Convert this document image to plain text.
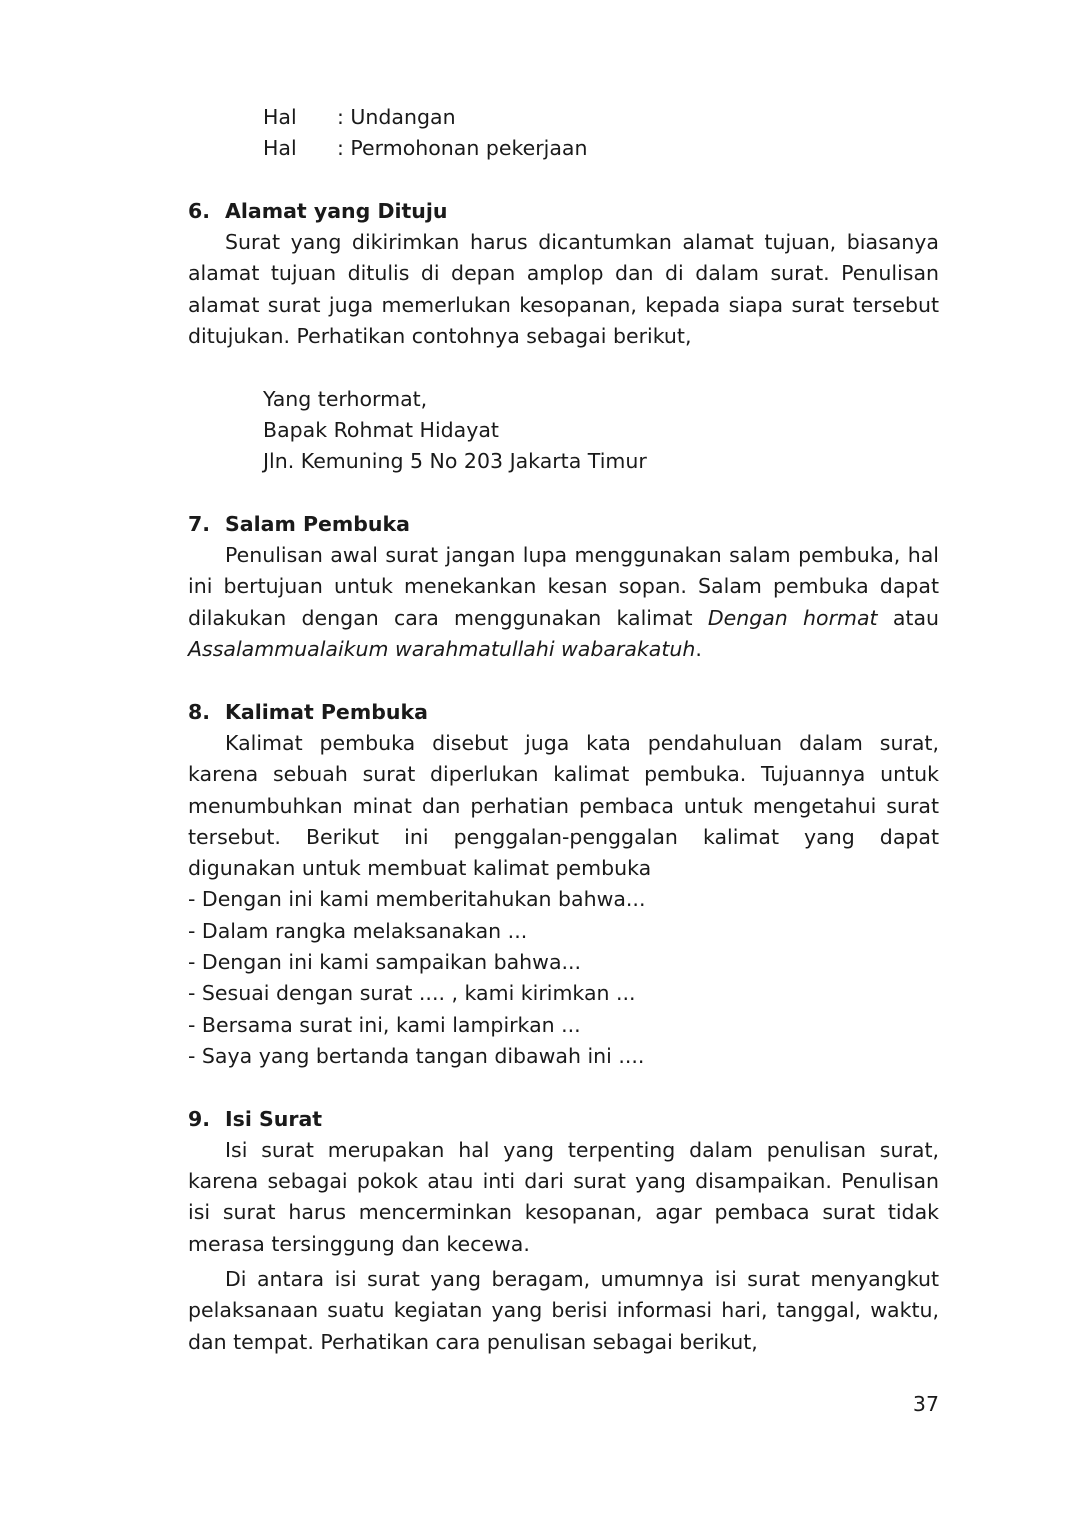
Hal	: Undangan
Hal	: Permohonan pekerjaan
6. Alamat yang Dituju

Surat yang dikirimkan harus dicantumkan alamat tujuan, biasanya alamat tujuan ditulis di depan amplop dan di dalam surat. Penulisan alamat surat juga memerlukan kesopanan, kepada siapa surat tersebut ditujukan. Perhatikan contohnya sebagai berikut,

Yang terhormat,
Bapak Rohmat Hidayat
Jln. Kemuning 5 No 203 Jakarta Timur
7. Salam Pembuka

Penulisan awal surat jangan lupa menggunakan salam pembuka, hal ini bertujuan untuk menekankan kesan sopan. Salam pembuka dapat dilakukan dengan cara menggunakan kalimat Dengan hormat atau Assalammualaikum warahmatullahi wabarakatuh.

8. Kalimat Pembuka

Kalimat pembuka disebut juga kata pendahuluan dalam surat, karena sebuah surat diperlukan kalimat pembuka. Tujuannya untuk menumbuhkan minat dan perhatian pembaca untuk mengetahui surat tersebut. Berikut ini penggalan-penggalan kalimat yang dapat digunakan untuk membuat kalimat pembuka

- Dengan ini kami memberitahukan bahwa...
- Dalam rangka melaksanakan ...
- Dengan ini kami sampaikan bahwa...
- Sesuai dengan surat .... , kami kirimkan ...
- Bersama surat ini, kami lampirkan ...
- Saya yang bertanda tangan dibawah ini ....
9. Isi Surat

Isi surat merupakan hal yang terpenting dalam penulisan surat, karena sebagai pokok atau inti dari surat yang disampaikan. Penulisan isi surat harus mencerminkan kesopanan, agar pembaca surat tidak merasa tersinggung dan kecewa.

Di antara isi surat yang beragam, umumnya isi surat menyangkut pelaksanaan suatu kegiatan yang berisi informasi hari, tanggal, waktu, dan tempat. Perhatikan cara penulisan sebagai berikut,

37
